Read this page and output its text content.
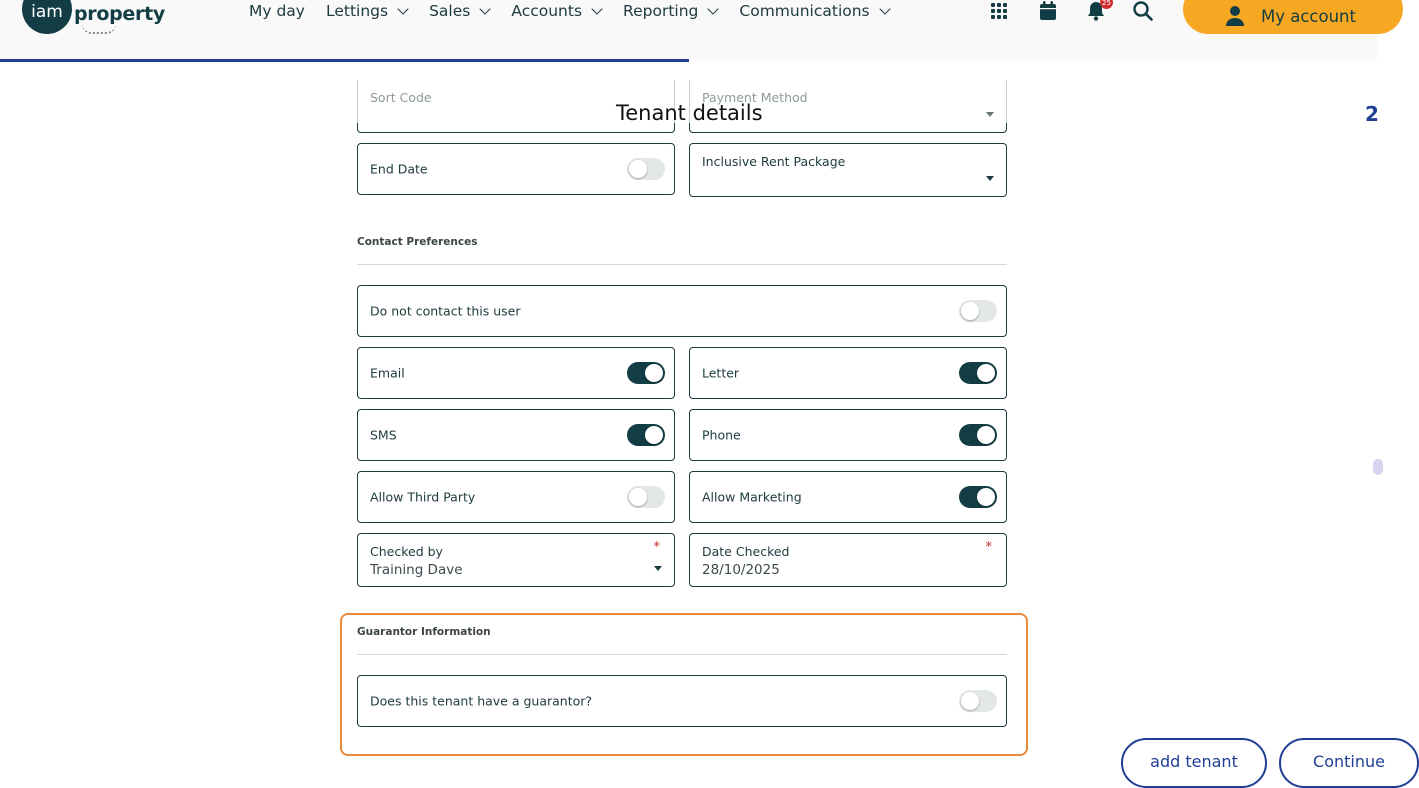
iam property	My day Lettings	Sales	Accounts	Reporting	Communications	25
My account
Tenant details	2
Sort Code	Payment Method
End Date	Inclusive Rent Package
Contact Preferences
Do not contact this user
Email	Letter
SMS	Phone
Allow Third Party	Allow Marketing
Checked by	*
Training Dave
Date Checked	*
28/10/2025
Guarantor Information
Does this tenant have a guarantor?
add tenant	Continue
